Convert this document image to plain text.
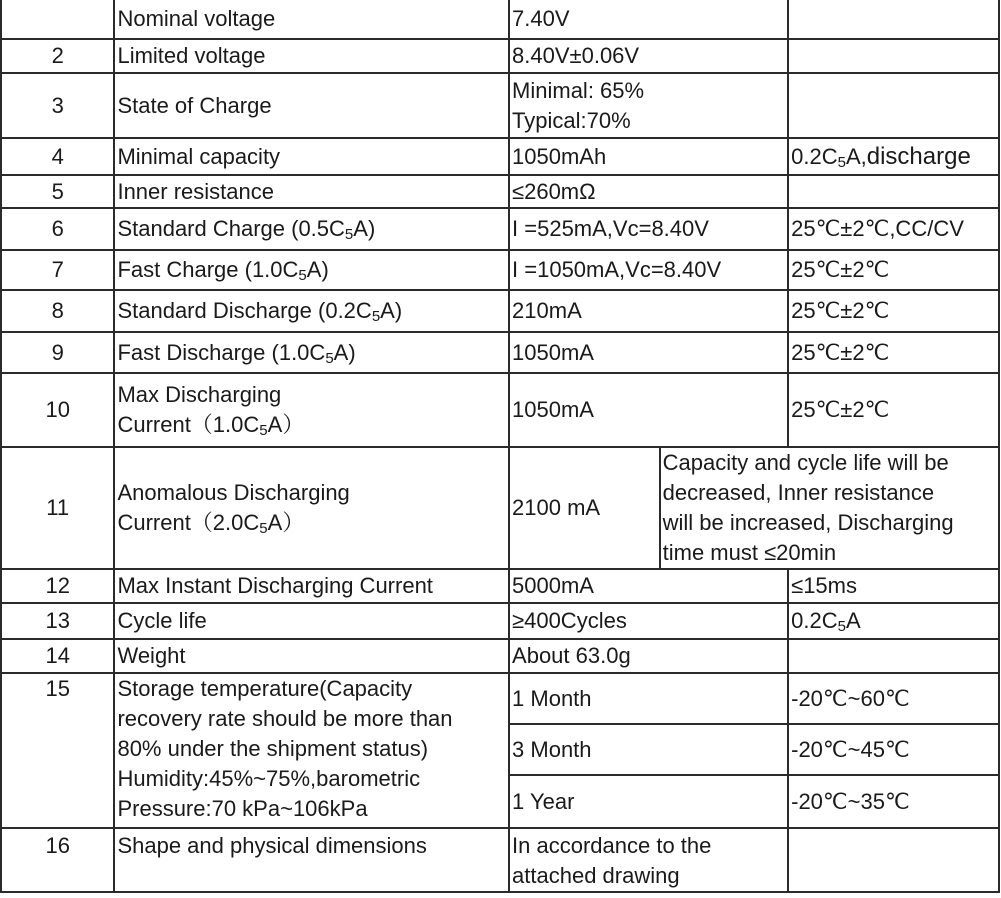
	Nominal voltage	7.40V		
2	Limited voltage	8.40V±0.06V		
3	State of Charge	Minimal: 65%
Typical:70%		

4	Minimal capacity	1050mAh		$0.2C_5A,discharge$
5	Inner resistance	≤260mΩ		
6	Standard Charge $(0.5C_5A)$	I =525mA,Vc=8.40V		25℃±2℃,CC/CV
7	Fast Charge $(1.0C_5A)$	I =1050mA,Vc=8.40V		25℃±2℃
8	Standard Discharge $(0.2C_5A)$	210mA		25℃±2℃
9	Fast Discharge $(1.0C_5A)$	1050mA		25℃±2℃
10	Max Discharging
$Current(1.0C_5A)$	1050mA		25℃±2℃
11	Anomalous Discharging
$Current(2.0C_5A)$	2100 mA	Capacity and cycle life will be
decreased, Inner resistance
will be increased, Discharging
time must ≤20min	

12	Max Instant Discharging Current	5000mA		≤15ms
13	Cycle life	≥400Cycles		$0.2C_5A$
14	Weight	About 63.0g		
15	Storage temperature(Capacity
recovery rate should be more than
80% under the shipment status)
Humidity:45%~75%,barometric
Pressure:70 kPa~106kPa	1 Month		-20℃~60℃
		3 Month		-20℃~45℃
		1 Year		-20℃~35℃
16	Shape and physical dimensions	In accordance to the
attached drawing		
